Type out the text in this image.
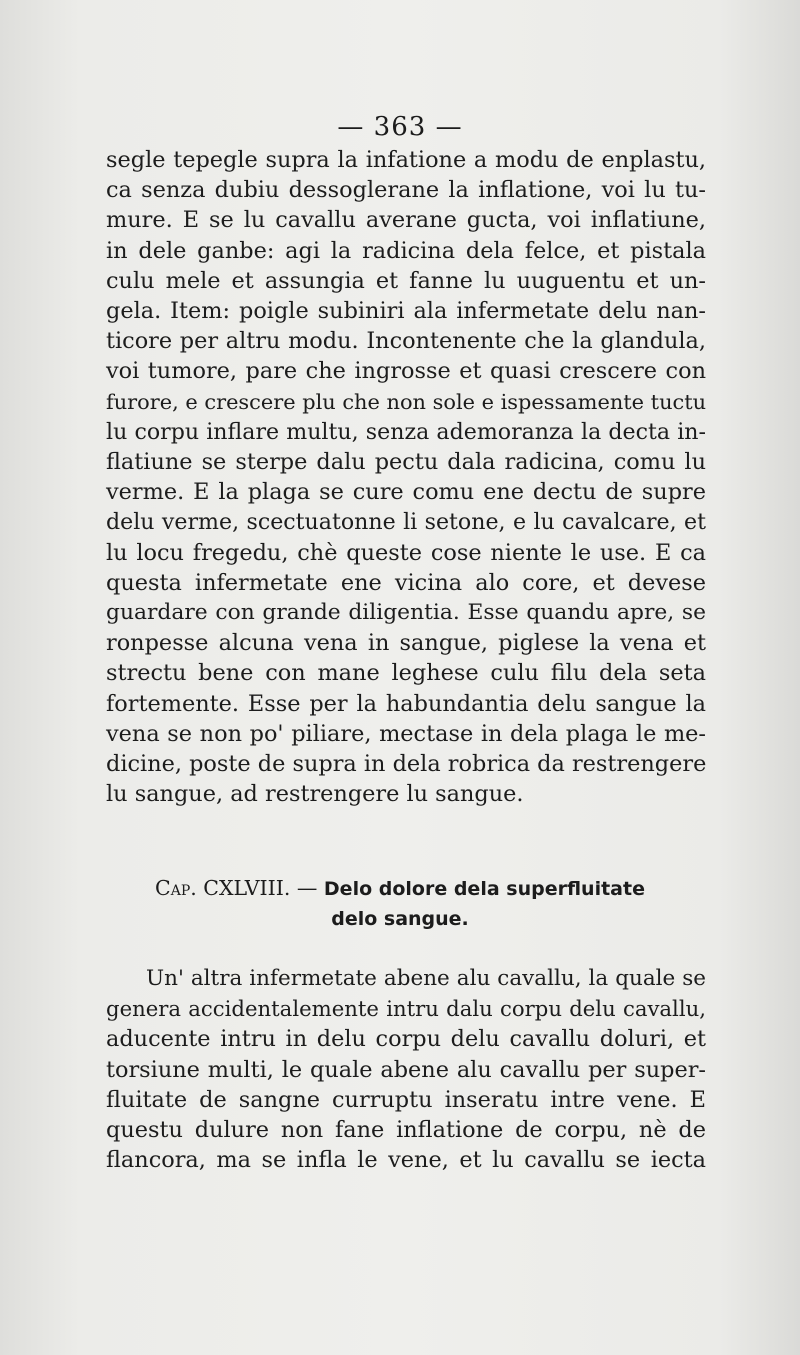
— 363 —
segle tepegle supra la infatione a modu de enplastu,
ca senza dubiu dessoglerane la inflatione, voi lu tu-
mure. E se lu cavallu averane gucta, voi inflatiune,
in dele ganbe: agi la radicina dela felce, et pistala
culu mele et assungia et fanne lu uuguentu et un-
gela. Item: poigle subiniri ala infermetate delu nan-
ticore per altru modu. Incontenente che la glandula,
voi tumore, pare che ingrosse et quasi crescere con
furore, e crescere plu che non sole e ispessamente tuctu
lu corpu inflare multu, senza ademoranza la decta in-
flatiune se sterpe dalu pectu dala radicina, comu lu
verme. E la plaga se cure comu ene dectu de supre
delu verme, scectuatonne li setone, e lu cavalcare, et
lu locu fregedu, chè queste cose niente le use. E ca
questa infermetate ene vicina alo core, et devese
guardare con grande diligentia. Esse quandu apre, se
ronpesse alcuna vena in sangue, piglese la vena et
strectu bene con mane leghese culu filu dela seta
fortemente. Esse per la habundantia delu sangue la
vena se non po' piliare, mectase in dela plaga le me-
dicine, poste de supra in dela robrica da restrengere
lu sangue, ad restrengere lu sangue.
Cap. CXLVIII. — Delo dolore dela superfluitate
delo sangue.
Un' altra infermetate abene alu cavallu, la quale se
genera accidentalemente intru dalu corpu delu cavallu,
aducente intru in delu corpu delu cavallu doluri, et
torsiune multi, le quale abene alu cavallu per super-
fluitate de sangne curruptu inseratu intre vene. E
questu dulure non fane inflatione de corpu, nè de
flancora, ma se infla le vene, et lu cavallu se iecta
